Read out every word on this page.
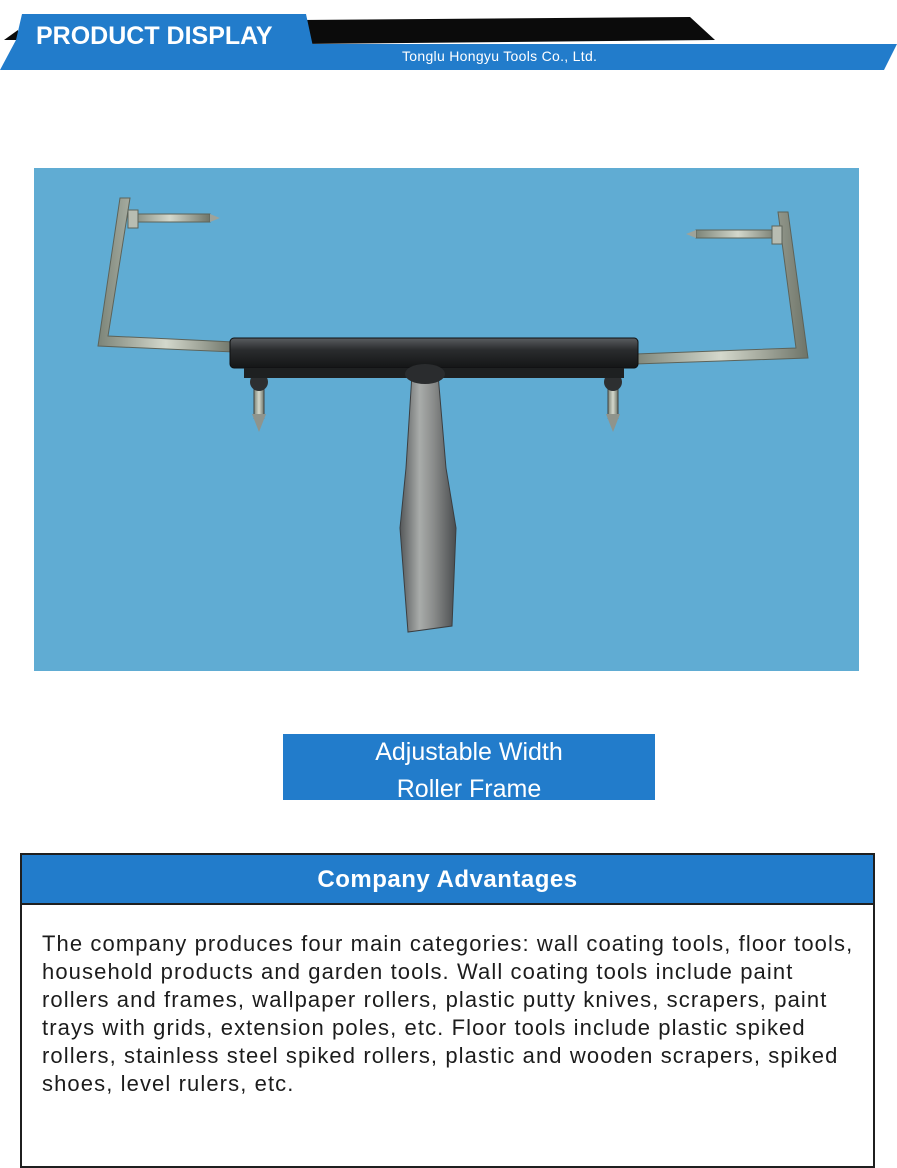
PRODUCT DISPLAY
Tonglu Hongyu Tools Co., Ltd.
Adjustable Width
Roller Frame
Company Advantages
The company produces four main categories: wall coating tools, floor tools, household products and garden tools. Wall coating tools include paint rollers and frames, wallpaper rollers, plastic putty knives, scrapers, paint trays with grids, extension poles, etc. Floor tools include plastic spiked rollers, stainless steel spiked rollers, plastic and wooden scrapers, spiked shoes, level rulers, etc.
